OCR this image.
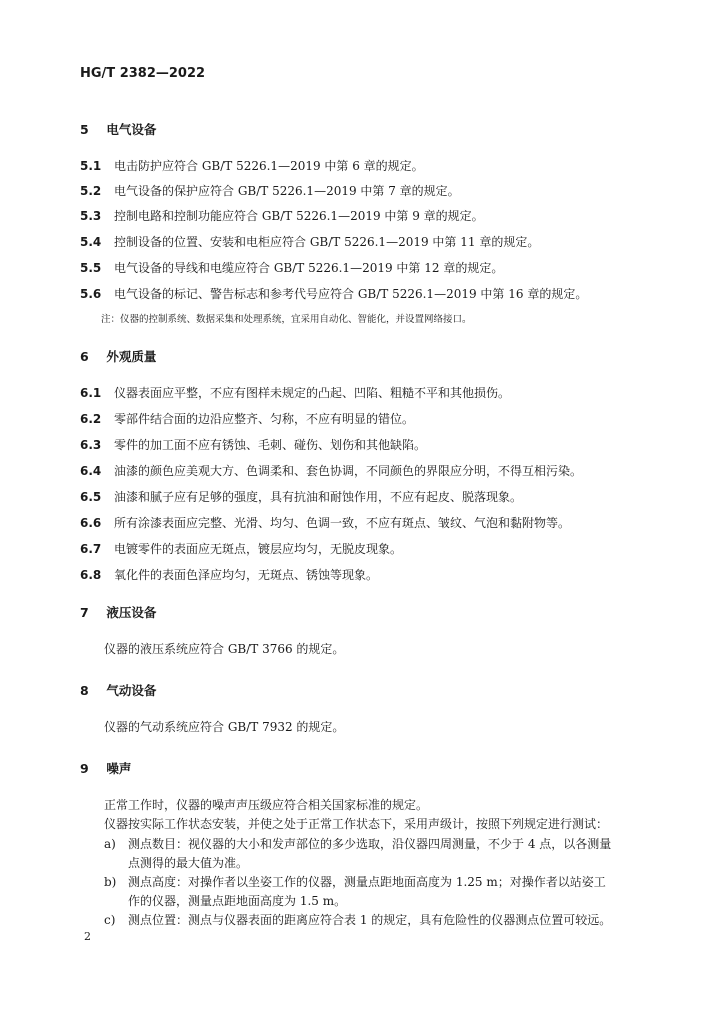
HG/T 2382—2022
5 电气设备
5.1 电击防护应符合 GB/T 5226.1—2019 中第 6 章的规定。
5.2 电气设备的保护应符合 GB/T 5226.1—2019 中第 7 章的规定。
5.3 控制电路和控制功能应符合 GB/T 5226.1—2019 中第 9 章的规定。
5.4 控制设备的位置、安装和电柜应符合 GB/T 5226.1—2019 中第 11 章的规定。
5.5 电气设备的导线和电缆应符合 GB/T 5226.1—2019 中第 12 章的规定。
5.6 电气设备的标记、警告标志和参考代号应符合 GB/T 5226.1—2019 中第 16 章的规定。
注：仪器的控制系统、数据采集和处理系统，宜采用自动化、智能化，并设置网络接口。
6 外观质量
6.1 仪器表面应平整，不应有图样未规定的凸起、凹陷、粗糙不平和其他损伤。
6.2 零部件结合面的边沿应整齐、匀称，不应有明显的错位。
6.3 零件的加工面不应有锈蚀、毛刺、碰伤、划伤和其他缺陷。
6.4 油漆的颜色应美观大方、色调柔和、套色协调，不同颜色的界限应分明，不得互相污染。
6.5 油漆和腻子应有足够的强度，具有抗油和耐蚀作用，不应有起皮、脱落现象。
6.6 所有涂漆表面应完整、光滑、均匀、色调一致，不应有斑点、皱纹、气泡和黏附物等。
6.7 电镀零件的表面应无斑点，镀层应均匀，无脱皮现象。
6.8 氧化件的表面色泽应均匀，无斑点、锈蚀等现象。
7 液压设备
仪器的液压系统应符合 GB/T 3766 的规定。
8 气动设备
仪器的气动系统应符合 GB/T 7932 的规定。
9 噪声
正常工作时，仪器的噪声声压级应符合相关国家标准的规定。
仪器按实际工作状态安装，并使之处于正常工作状态下，采用声级计，按照下列规定进行测试：
a) 测点数目：视仪器的大小和发声部位的多少选取，沿仪器四周测量，不少于 4 点，以各测量
点测得的最大值为准。
b) 测点高度：对操作者以坐姿工作的仪器，测量点距地面高度为 1.25 m；对操作者以站姿工
作的仪器，测量点距地面高度为 1.5 m。
c) 测点位置：测点与仪器表面的距离应符合表 1 的规定，具有危险性的仪器测点位置可较远。
2
